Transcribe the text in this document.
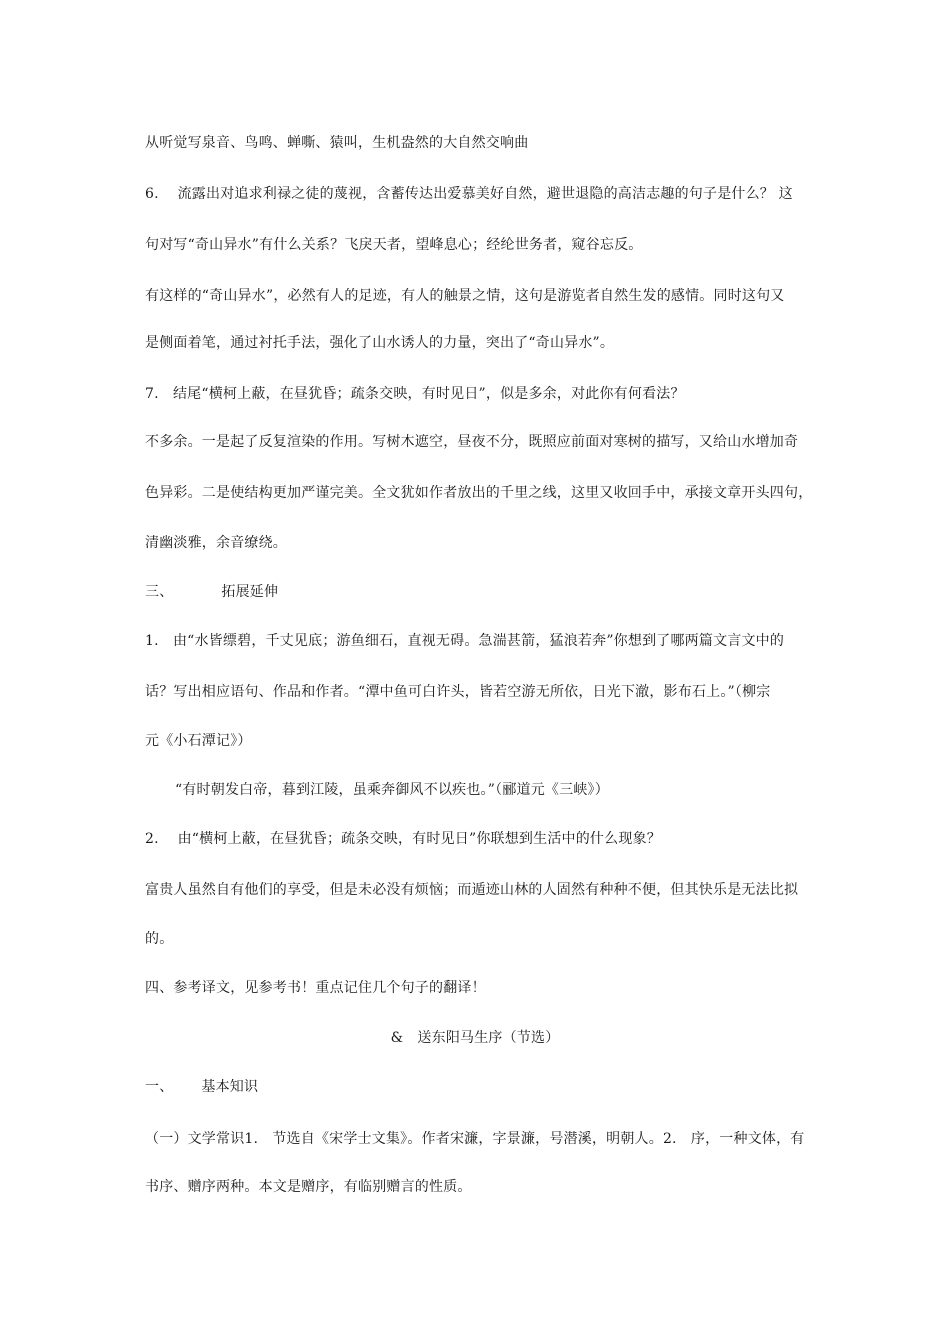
从听觉写泉音、鸟鸣、蝉嘶、猿叫，生机盎然的大自然交响曲
6.　 流露出对追求利禄之徒的蔑视，含蓄传达出爱慕美好自然，避世退隐的高洁志趣的句子是什么？ 这
句对写“奇山异水”有什么关系？飞戾天者，望峰息心；经纶世务者，窥谷忘反。
有这样的“奇山异水”，必然有人的足迹，有人的触景之情，这句是游览者自然生发的感情。同时这句又
是侧面着笔，通过衬托手法，强化了山水诱人的力量，突出了“奇山异水”。
7.　结尾“横柯上蔽，在昼犹昏；疏条交映，有时见日”，似是多余，对此你有何看法？
不多余。一是起了反复渲染的作用。写树木遮空，昼夜不分，既照应前面对寒树的描写，又给山水增加奇
色异彩。二是使结构更加严谨完美。全文犹如作者放出的千里之线，这里又收回手中，承接文章开头四句，
清幽淡雅，余音缭绕。
三、	拓展延伸
1.　由“水皆缥碧，千丈见底；游鱼细石，直视无碍。急湍甚箭，猛浪若奔”你想到了哪两篇文言文中的
话？写出相应语句、作品和作者。“潭中鱼可白许头，皆若空游无所依，日光下澈，影布石上。”（柳宗
元《小石潭记》）
“有时朝发白帝，暮到江陵，虽乘奔御风不以疾也。”（郦道元《三峡》）
2.　 由“横柯上蔽，在昼犹昏；疏条交映，有时见日”你联想到生活中的什么现象？
富贵人虽然自有他们的享受，但是未必没有烦恼；而遁迹山林的人固然有种种不便，但其快乐是无法比拟
的。
四、参考译文，见参考书！重点记住几个句子的翻译！
&　送东阳马生序（节选）
一、 基本知识
（一）文学常识1.　节选自《宋学士文集》。作者宋濂，字景濂，号潜溪，明朝人。2.　序，一种文体，有
书序、赠序两种。本文是赠序，有临别赠言的性质。
